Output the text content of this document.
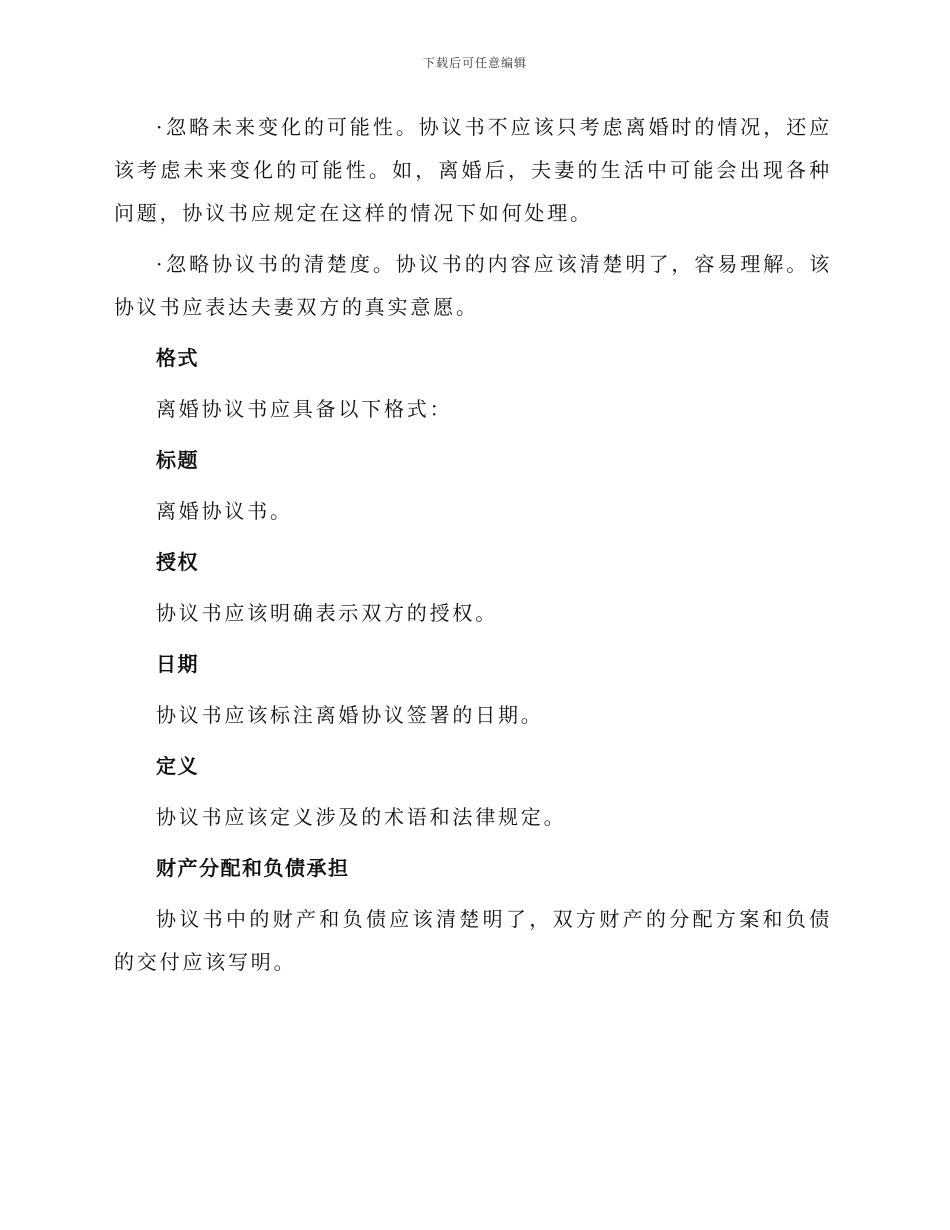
下载后可任意编辑

·忽略未来变化的可能性。协议书不应该只考虑离婚时的情况，还应该考虑未来变化的可能性。如，离婚后，夫妻的生活中可能会出现各种问题，协议书应规定在这样的情况下如何处理。

·忽略协议书的清楚度。协议书的内容应该清楚明了，容易理解。该协议书应表达夫妻双方的真实意愿。

格式
离婚协议书应具备以下格式：
标题
离婚协议书。
授权
协议书应该明确表示双方的授权。
日期
协议书应该标注离婚协议签署的日期。
定义
协议书应该定义涉及的术语和法律规定。
财产分配和负债承担

协议书中的财产和负债应该清楚明了，双方财产的分配方案和负债的交付应该写明。
